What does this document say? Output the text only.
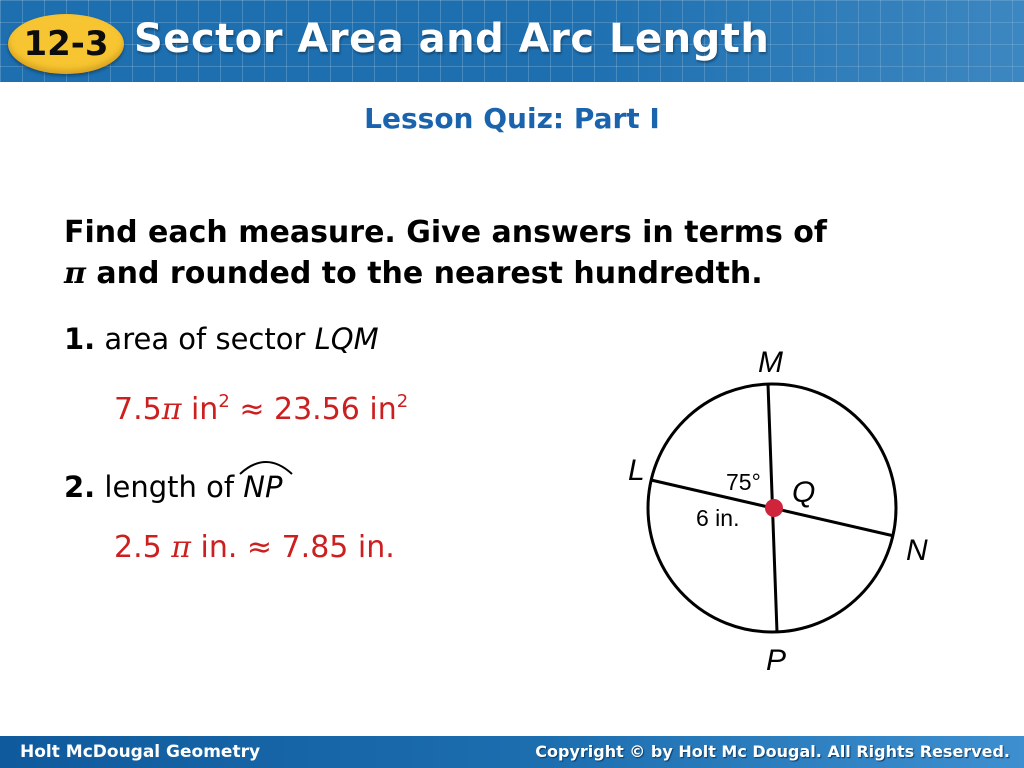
12-3 Sector Area and Arc Length
Lesson Quiz: Part I
Find each measure. Give answers in terms of
π and rounded to the nearest hundredth.
1. area of sector LQM
7.5π $in^2 \approx 23.56$ $in^2$
2. length of
NP
2.5 π in. ≈ 7.85 in.
M
L
Q
N
P
75°
6 in.
Holt McDougal Geometry	Copyright © by Holt Mc Dougal. All Rights Reserved.
